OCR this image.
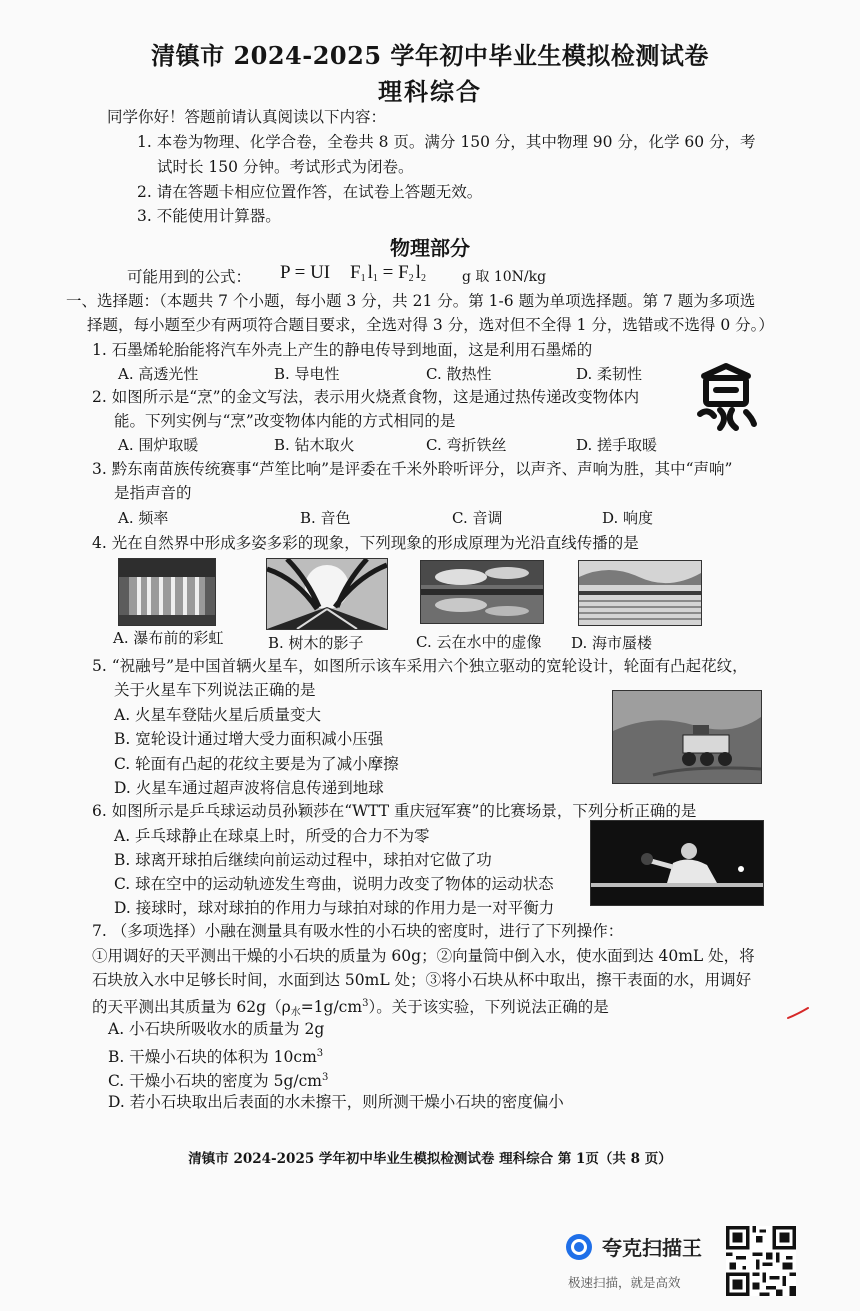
清镇市 2024-2025 学年初中毕业生模拟检测试卷
理科综合
同学你好！答题前请认真阅读以下内容：
1. 本卷为物理、化学合卷，全卷共 8 页。满分 150 分，其中物理 90 分，化学 60 分，考
试时长 150 分钟。考试形式为闭卷。
2. 请在答题卡相应位置作答，在试卷上答题无效。
3. 不能使用计算器。
物理部分
可能用到的公式： P = UI $F_1$ $l_1 = F_2$ $l_2$	g 取 10N/kg
一、选择题：（本题共 7 个小题，每小题 3 分，共 21 分。第 1-6 题为单项选择题。第 7 题为多项选
择题，每小题至少有两项符合题目要求，全选对得 3 分，选对但不全得 1 分，选错或不选得 0 分。）
1. 石墨烯轮胎能将汽车外壳上产生的静电传导到地面，这是利用石墨烯的
A. 高透光性	B. 导电性	C. 散热性	D. 柔韧性
2. 如图所示是“烹”的金文写法，表示用火烧煮食物，这是通过热传递改变物体内
能。下列实例与“烹”改变物体内能的方式相同的是
A. 围炉取暖	B. 钻木取火	C. 弯折铁丝	D. 搓手取暖
3. 黔东南苗族传统赛事“芦笙比响”是评委在千米外聆听评分，以声齐、声响为胜，其中“声响”
是指声音的
A. 频率	B. 音色	C. 音调	D. 响度
4. 光在自然界中形成多姿多彩的现象，下列现象的形成原理为光沿直线传播的是
A. 瀑布前的彩虹	B. 树木的影子	C. 云在水中的虚像 D. 海市蜃楼
5. “祝融号”是中国首辆火星车，如图所示该车采用六个独立驱动的宽轮设计，轮面有凸起花纹，
关于火星车下列说法正确的是
A. 火星车登陆火星后质量变大
B. 宽轮设计通过增大受力面积减小压强
C. 轮面有凸起的花纹主要是为了减小摩擦
D. 火星车通过超声波将信息传递到地球
6. 如图所示是乒乓球运动员孙颖莎在“WTT 重庆冠军赛”的比赛场景，下列分析正确的是
A. 乒乓球静止在球桌上时，所受的合力不为零
B. 球离开球拍后继续向前运动过程中，球拍对它做了功
C. 球在空中的运动轨迹发生弯曲，说明力改变了物体的运动状态
D. 接球时，球对球拍的作用力与球拍对球的作用力是一对平衡力
7. （多项选择）小融在测量具有吸水性的小石块的密度时，进行了下列操作：
①用调好的天平测出干燥的小石块的质量为 60g；②向量筒中倒入水，使水面到达 40mL 处，将
石块放入水中足够长时间，水面到达 50mL 处；③将小石块从杯中取出，擦干表面的水，用调好
的天平测出其质量为 $62g(\rho_水=1g/cm^3)$。关于该实验，下列说法正确的是
A. 小石块所吸收水的质量为 2g
B. 干燥小石块的体积为 $10cm^3$
C. 干燥小石块的密度为 $5g/cm^3$
D. 若小石块取出后表面的水未擦干，则所测干燥小石块的密度偏小
清镇市 2024-2025 学年初中毕业生模拟检测试卷 理科综合 第 1页（共 8 页）
夸克扫描王
极速扫描，就是高效
